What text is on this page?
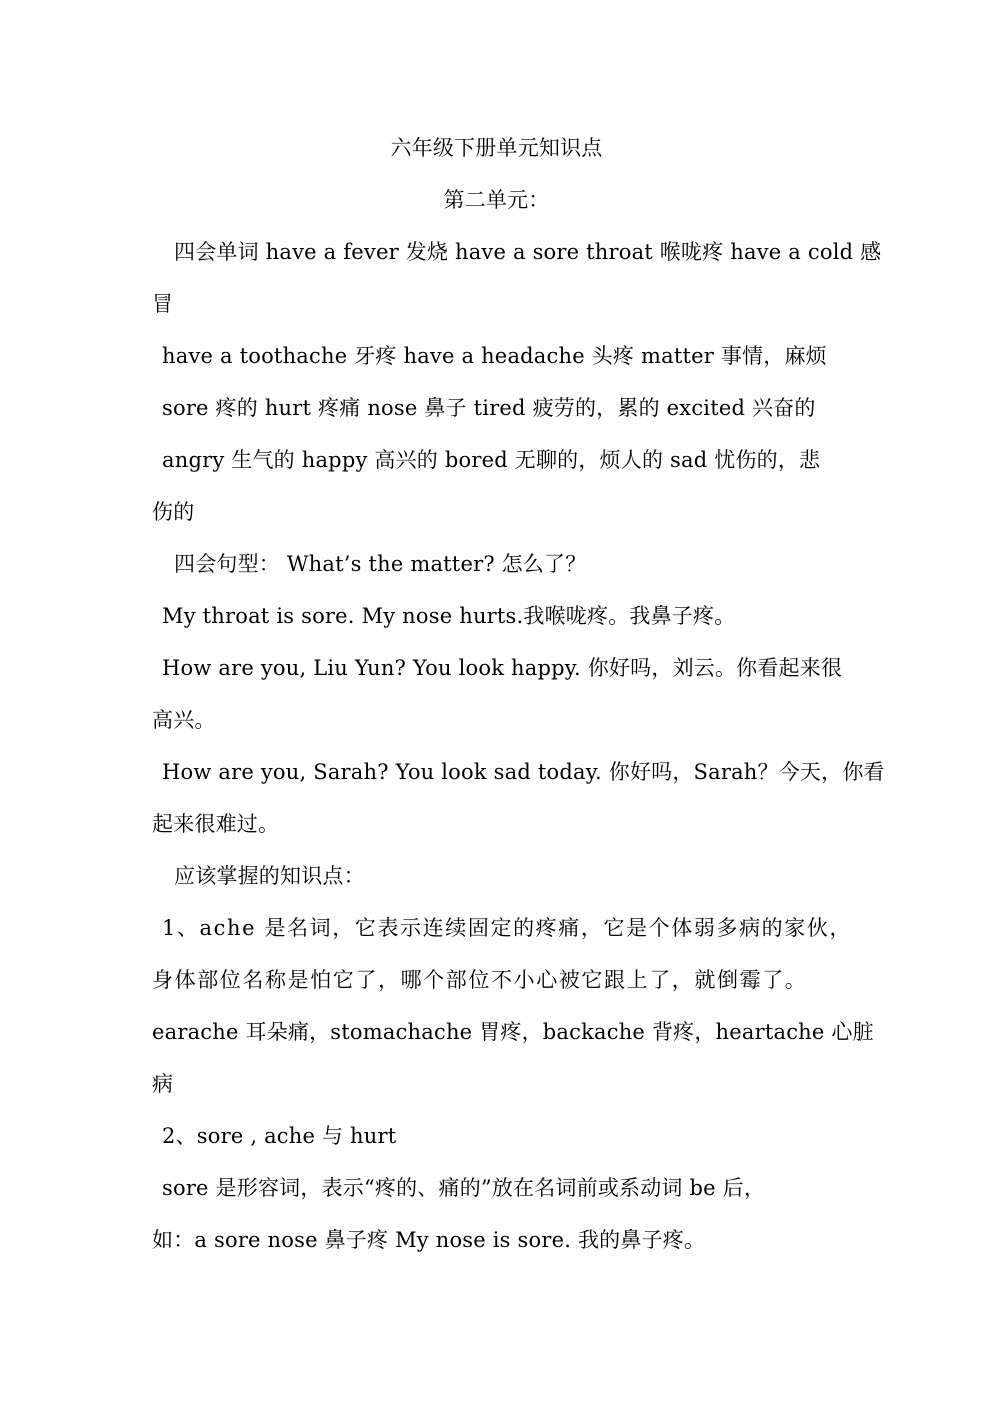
六年级下册单元知识点
第二单元：
四会单词 have a fever 发烧 have a sore throat 喉咙疼 have a cold 感
冒
have a toothache 牙疼 have a headache 头疼 matter 事情，麻烦
sore 疼的 hurt 疼痛 nose 鼻子 tired 疲劳的，累的 excited 兴奋的
angry 生气的 happy 高兴的 bored 无聊的，烦人的 sad 忧伤的，悲
伤的
四会句型： What’s the matter? 怎么了？
My throat is sore. My nose hurts.我喉咙疼。我鼻子疼。
How are you, Liu Yun? You look happy. 你好吗，刘云。你看起来很
高兴。
How are you, Sarah? You look sad today. 你好吗，Sarah？今天，你看
起来很难过。
应该掌握的知识点：
1、ache 是名词，它表示连续固定的疼痛，它是个体弱多病的家伙，
身体部位名称是怕它了，哪个部位不小心被它跟上了，就倒霉了。
earache 耳朵痛，stomachache 胃疼，backache 背疼，heartache 心脏
病
2、sore , ache 与 hurt
sore 是形容词，表示“疼的、痛的”放在名词前或系动词 be 后，
如：a sore nose 鼻子疼 My nose is sore. 我的鼻子疼。
